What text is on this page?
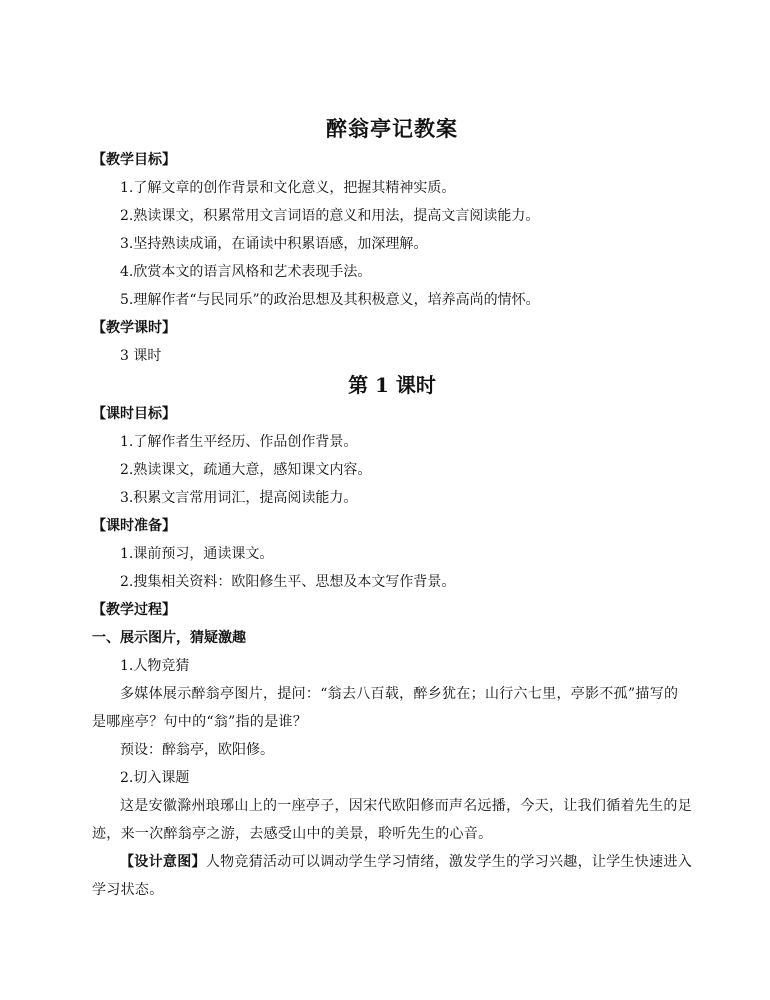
醉翁亭记教案

【教学目标】

1.了解文章的创作背景和文化意义，把握其精神实质。

2.熟读课文，积累常用文言词语的意义和用法，提高文言阅读能力。

3.坚持熟读成诵，在诵读中积累语感，加深理解。

4.欣赏本文的语言风格和艺术表现手法。

5.理解作者“与民同乐”的政治思想及其积极意义，培养高尚的情怀。

【教学课时】

3 课时

第 1 课时

【课时目标】

1.了解作者生平经历、作品创作背景。

2.熟读课文，疏通大意，感知课文内容。

3.积累文言常用词汇，提高阅读能力。

【课时准备】

1.课前预习，通读课文。

2.搜集相关资料：欧阳修生平、思想及本文写作背景。

【教学过程】

一、展示图片，猜疑激趣

1.人物竞猜

多媒体展示醉翁亭图片，提问：“翁去八百载，醉乡犹在；山行六七里，亭影不孤”描写的是哪座亭？句中的“翁”指的是谁？

预设：醉翁亭，欧阳修。

2.切入课题

这是安徽滁州琅琊山上的一座亭子，因宋代欧阳修而声名远播，今天，让我们循着先生的足迹，来一次醉翁亭之游，去感受山中的美景，聆听先生的心音。

【设计意图】人物竞猜活动可以调动学生学习情绪，激发学生的学习兴趣，让学生快速进入学习状态。
